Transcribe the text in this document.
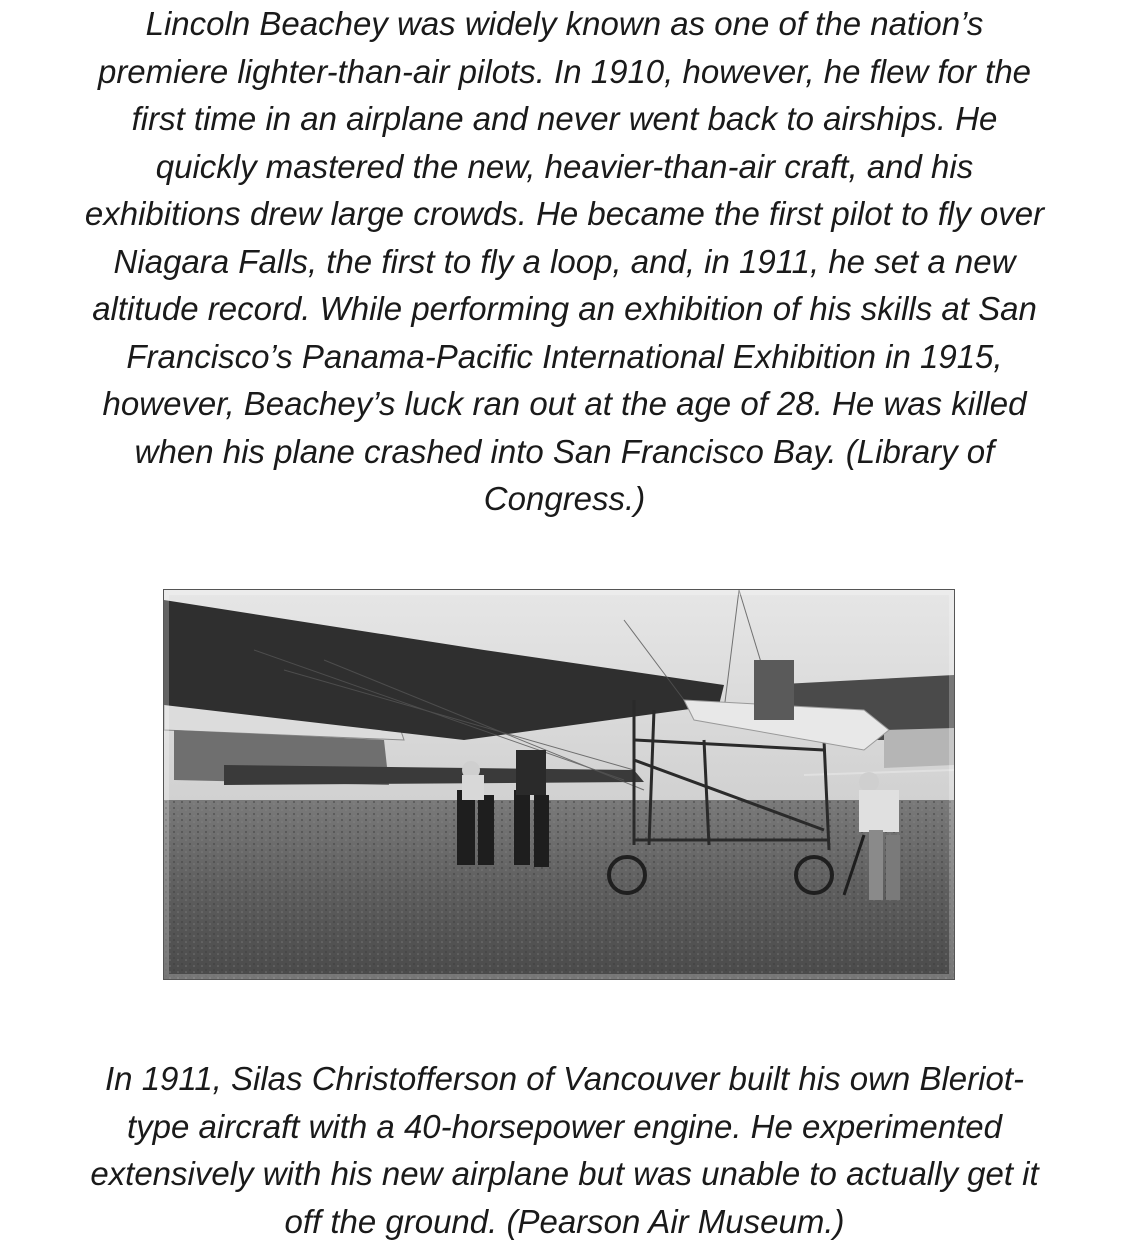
Lincoln Beachey was widely known as one of the nation’s
premiere lighter-than-air pilots. In 1910, however, he flew for the
first time in an airplane and never went back to airships. He
quickly mastered the new, heavier-than-air craft, and his
exhibitions drew large crowds. He became the first pilot to fly over
Niagara Falls, the first to fly a loop, and, in 1911, he set a new
altitude record. While performing an exhibition of his skills at San
Francisco’s Panama-Pacific International Exhibition in 1915,
however, Beachey’s luck ran out at the age of 28. He was killed
when his plane crashed into San Francisco Bay. (Library of
Congress.)
In 1911, Silas Christofferson of Vancouver built his own Bleriot-
type aircraft with a 40-horsepower engine. He experimented
extensively with his new airplane but was unable to actually get it
off the ground. (Pearson Air Museum.)
